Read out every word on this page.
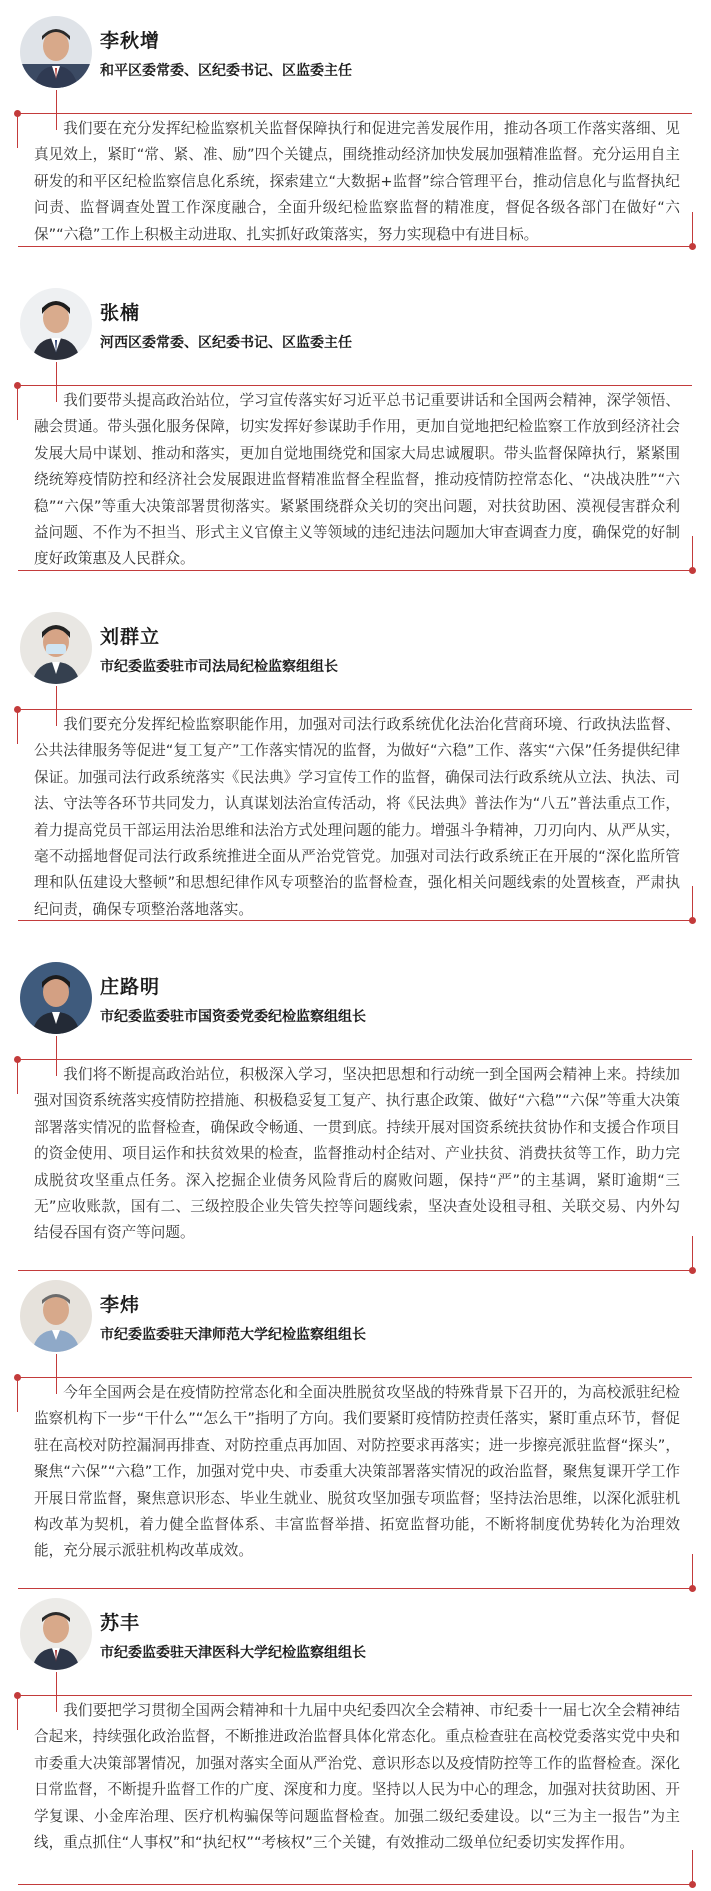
李秋增
和平区委常委、区纪委书记、区监委主任

我们要在充分发挥纪检监察机关监督保障执行和促进完善发展作用，推动各项工作落实落细、见真见效上，紧盯“常、紧、准、励”四个关键点，围绕推动经济加快发展加强精准监督。充分运用自主研发的和平区纪检监察信息化系统，探索建立“大数据+监督”综合管理平台，推动信息化与监督执纪问责、监督调查处置工作深度融合，全面升级纪检监察监督的精准度，督促各级各部门在做好“六保”“六稳”工作上积极主动进取、扎实抓好政策落实，努力实现稳中有进目标。

张楠
河西区委常委、区纪委书记、区监委主任

我们要带头提高政治站位，学习宣传落实好习近平总书记重要讲话和全国两会精神，深学领悟、融会贯通。带头强化服务保障，切实发挥好参谋助手作用，更加自觉地把纪检监察工作放到经济社会发展大局中谋划、推动和落实，更加自觉地围绕党和国家大局忠诚履职。带头监督保障执行，紧紧围绕统筹疫情防控和经济社会发展跟进监督精准监督全程监督，推动疫情防控常态化、“决战决胜”“六稳”“六保”等重大决策部署贯彻落实。紧紧围绕群众关切的突出问题，对扶贫助困、漠视侵害群众利益问题、不作为不担当、形式主义官僚主义等领域的违纪违法问题加大审查调查力度，确保党的好制度好政策惠及人民群众。

刘群立
市纪委监委驻市司法局纪检监察组组长

我们要充分发挥纪检监察职能作用，加强对司法行政系统优化法治化营商环境、行政执法监督、公共法律服务等促进“复工复产”工作落实情况的监督，为做好“六稳”工作、落实“六保”任务提供纪律保证。加强司法行政系统落实《民法典》学习宣传工作的监督，确保司法行政系统从立法、执法、司法、守法等各环节共同发力，认真谋划法治宣传活动，将《民法典》普法作为“八五”普法重点工作，着力提高党员干部运用法治思维和法治方式处理问题的能力。增强斗争精神，刀刃向内、从严从实，毫不动摇地督促司法行政系统推进全面从严治党管党。加强对司法行政系统正在开展的“深化监所管理和队伍建设大整顿”和思想纪律作风专项整治的监督检查，强化相关问题线索的处置核查，严肃执纪问责，确保专项整治落地落实。

庄路明
市纪委监委驻市国资委党委纪检监察组组长

我们将不断提高政治站位，积极深入学习，坚决把思想和行动统一到全国两会精神上来。持续加强对国资系统落实疫情防控措施、积极稳妥复工复产、执行惠企政策、做好“六稳”“六保”等重大决策部署落实情况的监督检查，确保政令畅通、一贯到底。持续开展对国资系统扶贫协作和支援合作项目的资金使用、项目运作和扶贫效果的检查，监督推动村企结对、产业扶贫、消费扶贫等工作，助力完成脱贫攻坚重点任务。深入挖掘企业债务风险背后的腐败问题，保持“严”的主基调，紧盯逾期“三无”应收账款，国有二、三级控股企业失管失控等问题线索，坚决查处设租寻租、关联交易、内外勾结侵吞国有资产等问题。

李炜
市纪委监委驻天津师范大学纪检监察组组长

今年全国两会是在疫情防控常态化和全面决胜脱贫攻坚战的特殊背景下召开的，为高校派驻纪检监察机构下一步“干什么”“怎么干”指明了方向。我们要紧盯疫情防控责任落实，紧盯重点环节，督促驻在高校对防控漏洞再排查、对防控重点再加固、对防控要求再落实；进一步擦亮派驻监督“探头”，聚焦“六保”“六稳”工作，加强对党中央、市委重大决策部署落实情况的政治监督，聚焦复课开学工作开展日常监督，聚焦意识形态、毕业生就业、脱贫攻坚加强专项监督；坚持法治思维，以深化派驻机构改革为契机，着力健全监督体系、丰富监督举措、拓宽监督功能，不断将制度优势转化为治理效能，充分展示派驻机构改革成效。

苏丰
市纪委监委驻天津医科大学纪检监察组组长

我们要把学习贯彻全国两会精神和十九届中央纪委四次全会精神、市纪委十一届七次全会精神结合起来，持续强化政治监督，不断推进政治监督具体化常态化。重点检查驻在高校党委落实党中央和市委重大决策部署情况，加强对落实全面从严治党、意识形态以及疫情防控等工作的监督检查。深化日常监督，不断提升监督工作的广度、深度和力度。坚持以人民为中心的理念，加强对扶贫助困、开学复课、小金库治理、医疗机构骗保等问题监督检查。加强二级纪委建设。以“三为主一报告”为主线，重点抓住“人事权”和“执纪权”“考核权”三个关键，有效推动二级单位纪委切实发挥作用。
